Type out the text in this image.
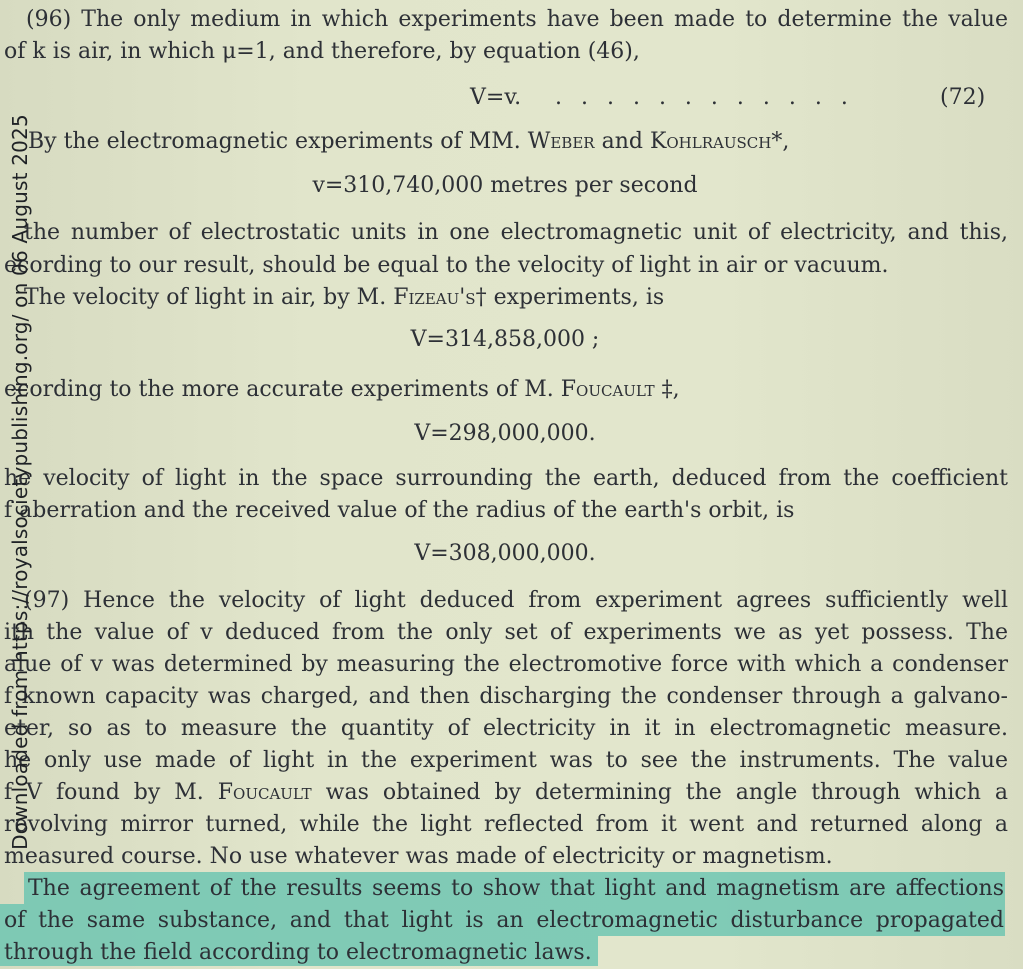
(96) The only medium in which experiments have been made to determine the value
of k is air, in which μ=1, and therefore, by equation (46),
V=v. . . . . . . . . . . . .	(72)
By the electromagnetic experiments of MM. Weber and Kohlrausch*,
v=310,740,000 metres per second
the number of electrostatic units in one electromagnetic unit of electricity, and this,
ecording to our result, should be equal to the velocity of light in air or vacuum.
The velocity of light in air, by M. Fizeau's† experiments, is
V=314,858,000 ;
ecording to the more accurate experiments of M. Foucault ‡,
V=298,000,000.
he velocity of light in the space surrounding the earth, deduced from the coefficient
f aberration and the received value of the radius of the earth's orbit, is
V=308,000,000.
(97) Hence the velocity of light deduced from experiment agrees sufficiently well
ith the value of v deduced from the only set of experiments we as yet possess. The
alue of v was determined by measuring the electromotive force with which a condenser
f known capacity was charged, and then discharging the condenser through a galvano-
eter, so as to measure the quantity of electricity in it in electromagnetic measure.
he only use made of light in the experiment was to see the instruments. The value
f V found by M. Foucault was obtained by determining the angle through which a
revolving mirror turned, while the light reflected from it went and returned along a
measured course. No use whatever was made of electricity or magnetism.
The agreement of the results seems to show that light and magnetism are affections
of the same substance, and that light is an electromagnetic disturbance propagated
through the field according to electromagnetic laws.
Downloaded from https://royalsocietypublishing.org/ on 06 August 2025
